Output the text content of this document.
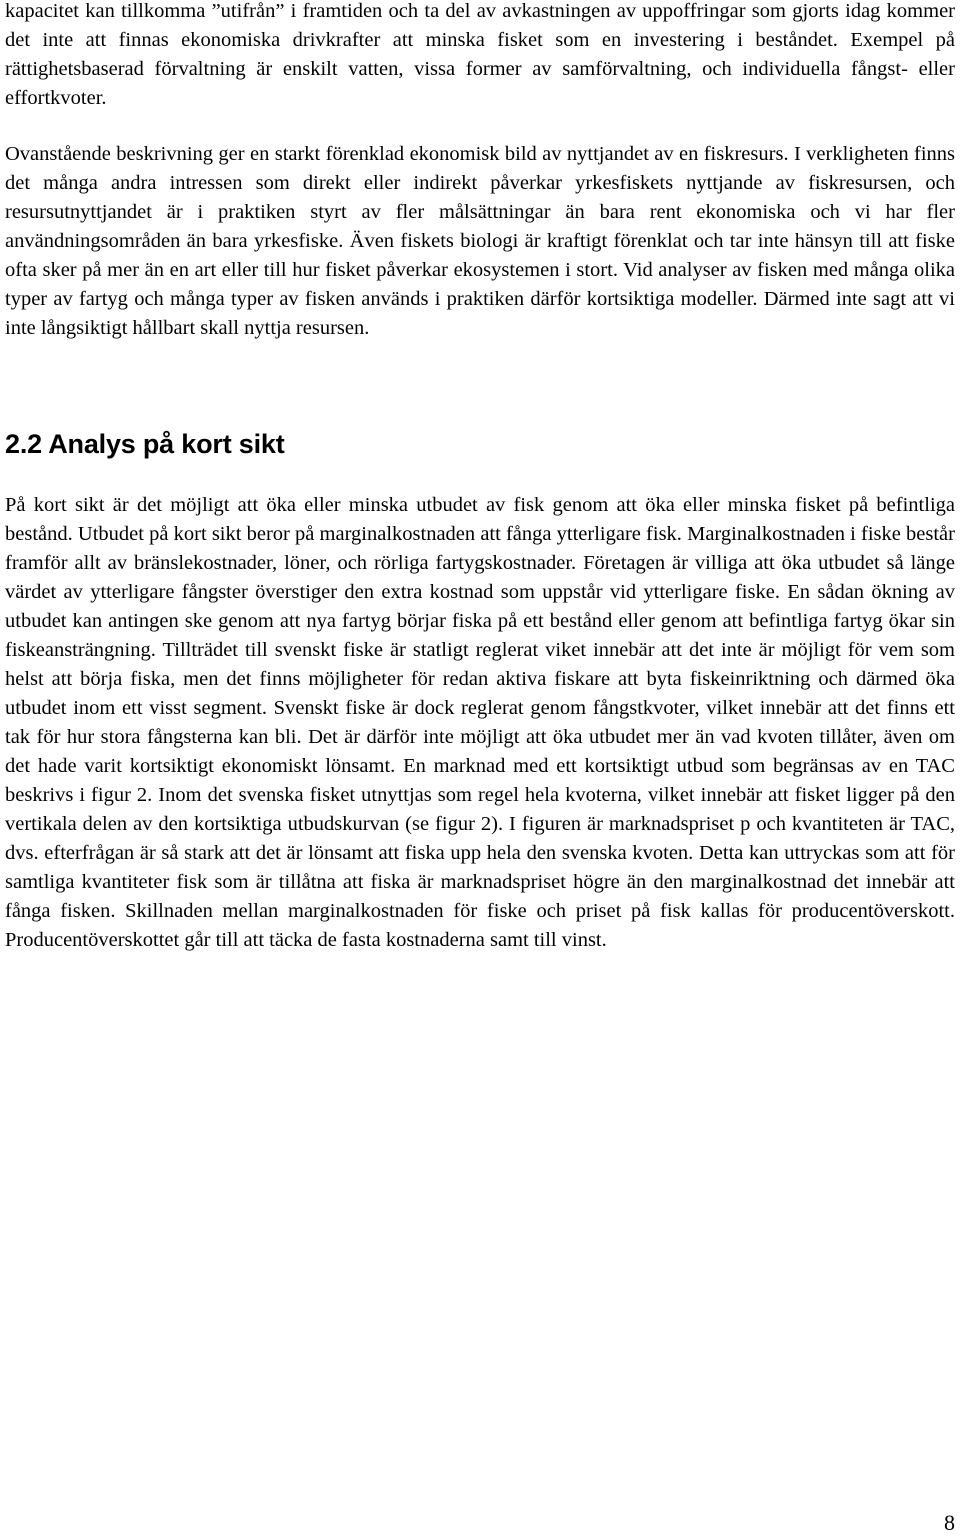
kapacitet kan tillkomma ”utifrån” i framtiden och ta del av avkastningen av uppoffringar som gjorts idag kommer det inte att finnas ekonomiska drivkrafter att minska fisket som en investering i beståndet. Exempel på rättighetsbaserad förvaltning är enskilt vatten, vissa former av samförvaltning, och individuella fångst- eller effortkvoter.

Ovanstående beskrivning ger en starkt förenklad ekonomisk bild av nyttjandet av en fiskresurs. I verkligheten finns det många andra intressen som direkt eller indirekt påverkar yrkesfiskets nyttjande av fiskresursen, och resursutnyttjandet är i praktiken styrt av fler målsättningar än bara rent ekonomiska och vi har fler användningsområden än bara yrkesfiske. Även fiskets biologi är kraftigt förenklat och tar inte hänsyn till att fiske ofta sker på mer än en art eller till hur fisket påverkar ekosystemen i stort. Vid analyser av fisken med många olika typer av fartyg och många typer av fisken används i praktiken därför kortsiktiga modeller. Därmed inte sagt att vi inte långsiktigt hållbart skall nyttja resursen.

2.2 Analys på kort sikt

På kort sikt är det möjligt att öka eller minska utbudet av fisk genom att öka eller minska fisket på befintliga bestånd. Utbudet på kort sikt beror på marginalkostnaden att fånga ytterligare fisk. Marginalkostnaden i fiske består framför allt av bränslekostnader, löner, och rörliga fartygskostnader. Företagen är villiga att öka utbudet så länge värdet av ytterligare fångster överstiger den extra kostnad som uppstår vid ytterligare fiske. En sådan ökning av utbudet kan antingen ske genom att nya fartyg börjar fiska på ett bestånd eller genom att befintliga fartyg ökar sin fiskeansträngning. Tillträdet till svenskt fiske är statligt reglerat viket innebär att det inte är möjligt för vem som helst att börja fiska, men det finns möjligheter för redan aktiva fiskare att byta fiskeinriktning och därmed öka utbudet inom ett visst segment. Svenskt fiske är dock reglerat genom fångstkvoter, vilket innebär att det finns ett tak för hur stora fångsterna kan bli. Det är därför inte möjligt att öka utbudet mer än vad kvoten tillåter, även om det hade varit kortsiktigt ekonomiskt lönsamt. En marknad med ett kortsiktigt utbud som begränsas av en TAC beskrivs i figur 2. Inom det svenska fisket utnyttjas som regel hela kvoterna, vilket innebär att fisket ligger på den vertikala delen av den kortsiktiga utbudskurvan (se figur 2). I figuren är marknadspriset p och kvantiteten är TAC, dvs. efterfrågan är så stark att det är lönsamt att fiska upp hela den svenska kvoten. Detta kan uttryckas som att för samtliga kvantiteter fisk som är tillåtna att fiska är marknadspriset högre än den marginalkostnad det innebär att fånga fisken. Skillnaden mellan marginalkostnaden för fiske och priset på fisk kallas för producentöverskott. Producentöverskottet går till att täcka de fasta kostnaderna samt till vinst.

8
